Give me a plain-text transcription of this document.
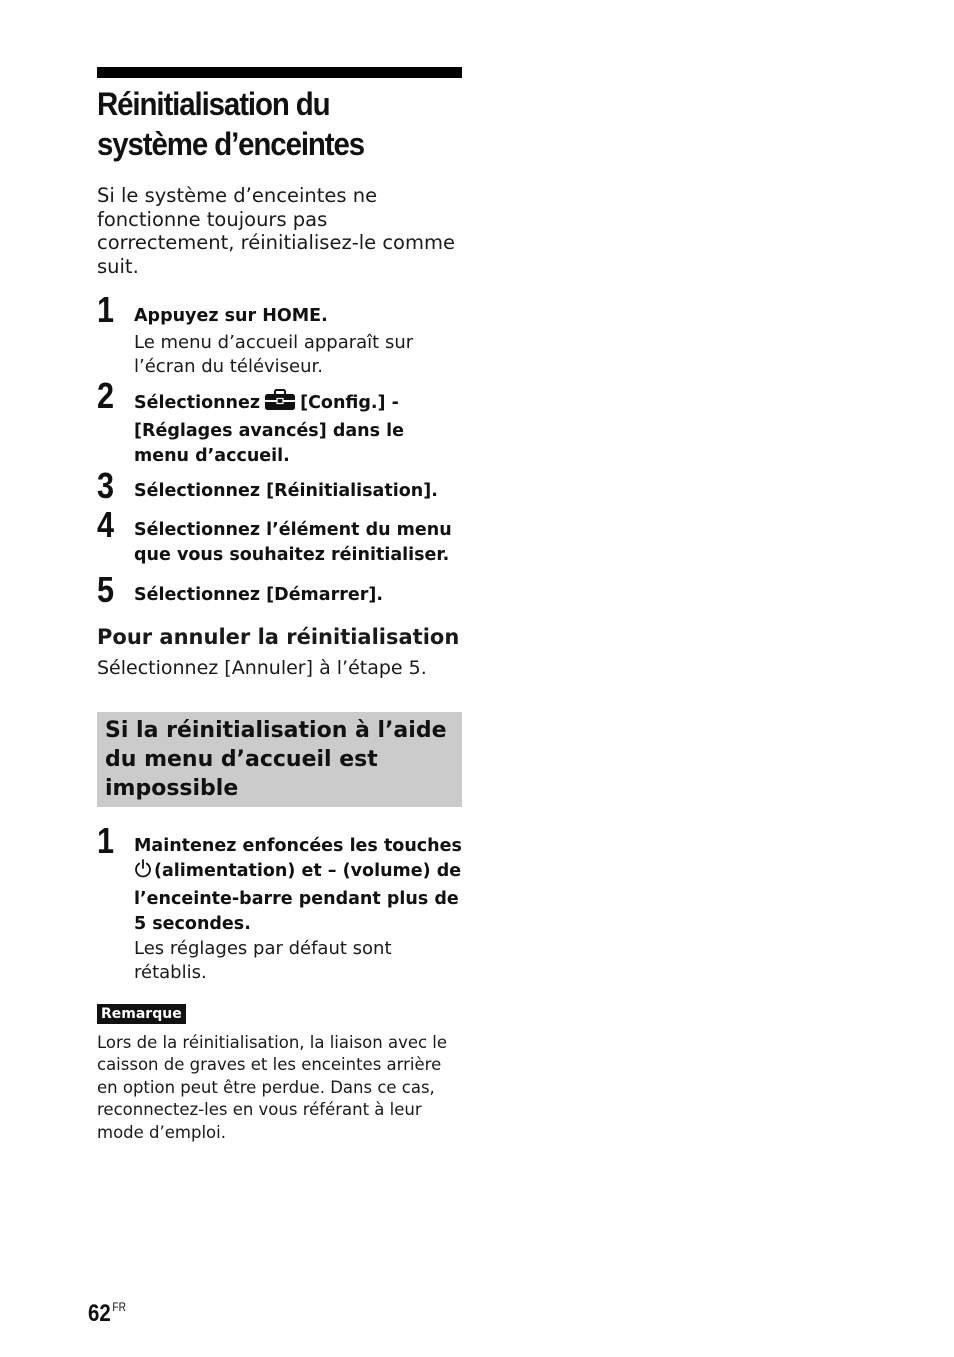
Réinitialisation du
système d’enceintes

Si le système d’enceintes ne fonctionne toujours pas correctement, réinitialisez-le comme suit.

1 Appuyez sur HOME.

Le menu d’accueil apparaît sur l’écran du téléviseur.

2 Sélectionnez [Config.] - [Réglages avancés] dans le menu d’accueil.

3 Sélectionnez [Réinitialisation].

4 Sélectionnez l’élément du menu que vous souhaitez réinitialiser.

5 Sélectionnez [Démarrer].

Pour annuler la réinitialisation

Sélectionnez [Annuler] à l’étape 5.

Si la réinitialisation à l’aide du menu d’accueil est impossible

1 Maintenez enfoncées les touches
(alimentation) et – (volume) de l’enceinte-barre pendant plus de 5 secondes.

Les réglages par défaut sont rétablis.

Remarque

Lors de la réinitialisation, la liaison avec le caisson de graves et les enceintes arrière en option peut être perdue. Dans ce cas, reconnectez-les en vous référant à leur mode d’emploi.

62 $^{FR}$
